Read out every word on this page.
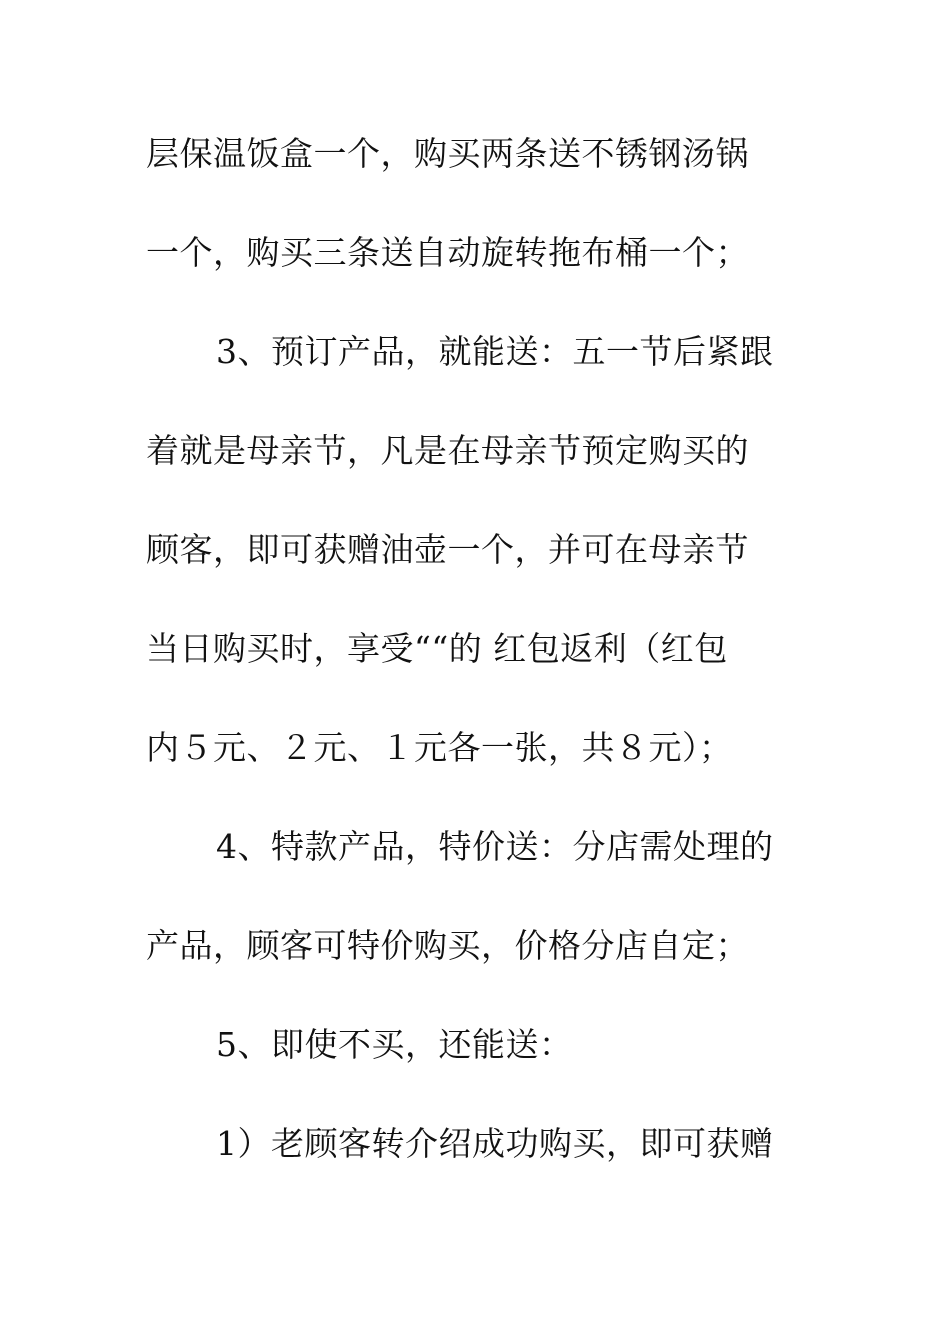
层保温饭盒一个，购买两条送不锈钢汤锅
一个，购买三条送自动旋转拖布桶一个；
3、预订产品，就能送：五一节后紧跟
着就是母亲节，凡是在母亲节预定购买的
顾客，即可获赠油壶一个，并可在母亲节
当日购买时，享受““的 红包返利（红包
内５元、２元、１元各一张，共８元）；
4、特款产品，特价送：分店需处理的
产品，顾客可特价购买，价格分店自定；
5、即使不买，还能送：
1）老顾客转介绍成功购买，即可获赠
